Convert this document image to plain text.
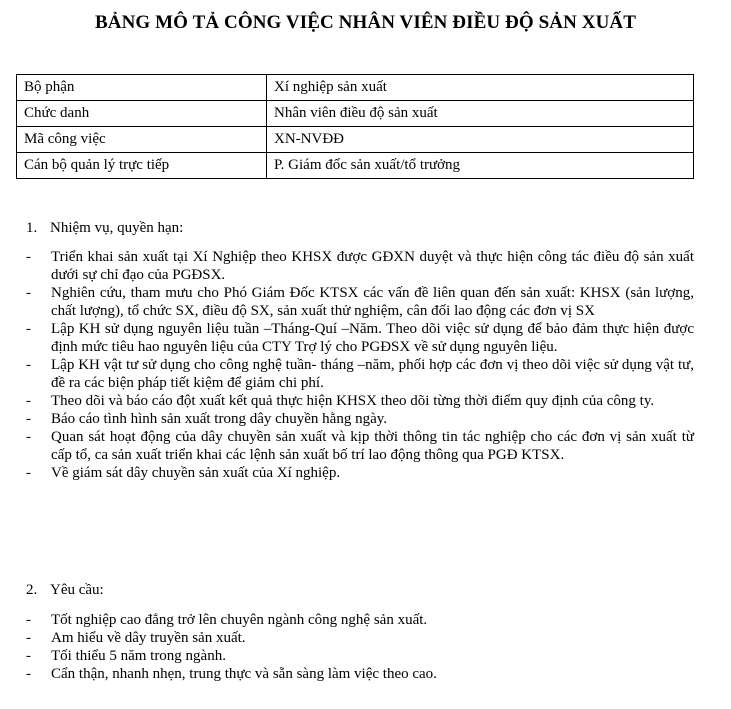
BẢNG MÔ TẢ CÔNG VIỆC NHÂN VIÊN ĐIỀU ĐỘ SẢN XUẤT
Bộ phận	Xí nghiệp sản xuất
Chức danh	Nhân viên điều độ sản xuất
Mã công việc	XN-NVĐĐ
Cán bộ quản lý trực tiếp	P. Giám đốc sản xuất/tổ trưởng
1. Nhiệm vụ, quyền hạn:
- Triển khai sản xuất tại Xí Nghiệp theo KHSX được GĐXN duyệt và thực hiện công tác điều độ sản xuất dưới sự chỉ đạo của PGĐSX.
- Nghiên cứu, tham mưu cho Phó Giám Đốc KTSX các vấn đề liên quan đến sản xuất: KHSX (sản lượng, chất lượng), tổ chức SX, điều độ SX, sản xuất thử nghiệm, cân đối lao động các đơn vị SX
- Lập KH sử dụng nguyên liệu tuần –Tháng-Quí –Năm. Theo dõi việc sử dụng để bảo đảm thực hiện được định mức tiêu hao nguyên liệu của CTY Trợ lý cho PGĐSX về sử dụng nguyên liệu.
- Lập KH vật tư sử dụng cho công nghệ tuần- tháng –năm, phối hợp các đơn vị theo dõi việc sử dụng vật tư, đề ra các biện pháp tiết kiệm để giảm chi phí.
- Theo dõi và báo cáo đột xuất kết quả thực hiện KHSX theo dõi từng thời điểm quy định của công ty.
- Báo cáo tình hình sản xuất trong dây chuyền hằng ngày.
- Quan sát hoạt động của dây chuyền sản xuất và kịp thời thông tin tác nghiệp cho các đơn vị sản xuất từ cấp tổ, ca sản xuất triển khai các lệnh sản xuất bố trí lao động thông qua PGĐ KTSX.
- Về giám sát dây chuyền sản xuất của Xí nghiệp.
2. Yêu cầu:
- Tốt nghiệp cao đẳng trở lên chuyên ngành công nghệ sản xuất.
- Am hiểu về dây truyền sản xuất.
- Tối thiểu 5 năm trong ngành.
- Cẩn thận, nhanh nhẹn, trung thực và sẵn sàng làm việc theo cao.
